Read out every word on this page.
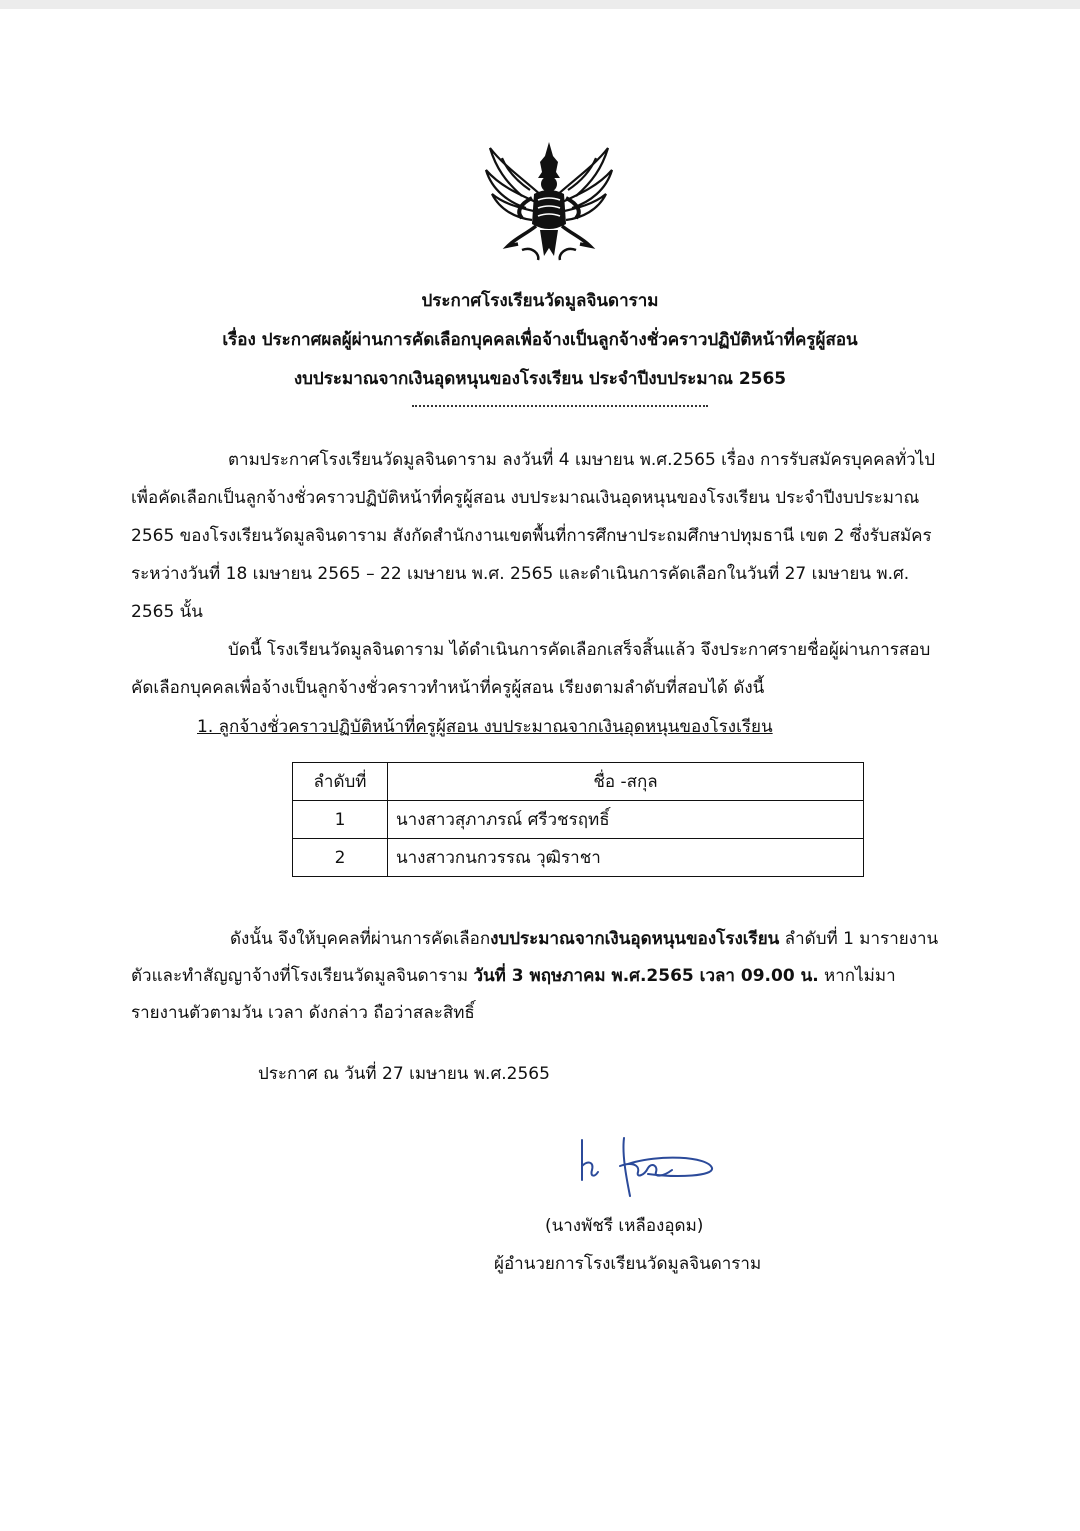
ประกาศโรงเรียนวัดมูลจินดาราม
เรื่อง ประกาศผลผู้ผ่านการคัดเลือกบุคคลเพื่อจ้างเป็นลูกจ้างชั่วคราวปฏิบัติหน้าที่ครูผู้สอน
งบประมาณจากเงินอุดหนุนของโรงเรียน ประจำปีงบประมาณ 2565
ตามประกาศโรงเรียนวัดมูลจินดาราม ลงวันที่ 4 เมษายน พ.ศ.2565 เรื่อง การรับสมัครบุคคลทั่วไป
เพื่อคัดเลือกเป็นลูกจ้างชั่วคราวปฏิบัติหน้าที่ครูผู้สอน งบประมาณเงินอุดหนุนของโรงเรียน ประจำปีงบประมาณ
2565 ของโรงเรียนวัดมูลจินดาราม สังกัดสำนักงานเขตพื้นที่การศึกษาประถมศึกษาปทุมธานี เขต 2 ซึ่งรับสมัคร
ระหว่างวันที่ 18 เมษายน 2565 – 22 เมษายน พ.ศ. 2565 และดำเนินการคัดเลือกในวันที่ 27 เมษายน พ.ศ.
2565 นั้น
บัดนี้ โรงเรียนวัดมูลจินดาราม ได้ดำเนินการคัดเลือกเสร็จสิ้นแล้ว จึงประกาศรายชื่อผู้ผ่านการสอบ
คัดเลือกบุคคลเพื่อจ้างเป็นลูกจ้างชั่วคราวทำหน้าที่ครูผู้สอน เรียงตามลำดับที่สอบได้ ดังนี้
1. ลูกจ้างชั่วคราวปฏิบัติหน้าที่ครูผู้สอน งบประมาณจากเงินอุดหนุนของโรงเรียน
ลำดับที่	ชื่อ -สกุล
1	นางสาวสุภาภรณ์ ศรีวชรฤทธิ์
2	นางสาวกนกวรรณ วุฒิราชา
ดังนั้น จึงให้บุคคลที่ผ่านการคัดเลือกงบประมาณจากเงินอุดหนุนของโรงเรียน ลำดับที่ 1 มารายงาน
ตัวและทำสัญญาจ้างที่โรงเรียนวัดมูลจินดาราม วันที่ 3 พฤษภาคม พ.ศ.2565 เวลา 09.00 น. หากไม่มา
รายงานตัวตามวัน เวลา ดังกล่าว ถือว่าสละสิทธิ์
ประกาศ ณ วันที่ 27 เมษายน พ.ศ.2565
(นางพัชรี เหลืองอุดม)
ผู้อำนวยการโรงเรียนวัดมูลจินดาราม
